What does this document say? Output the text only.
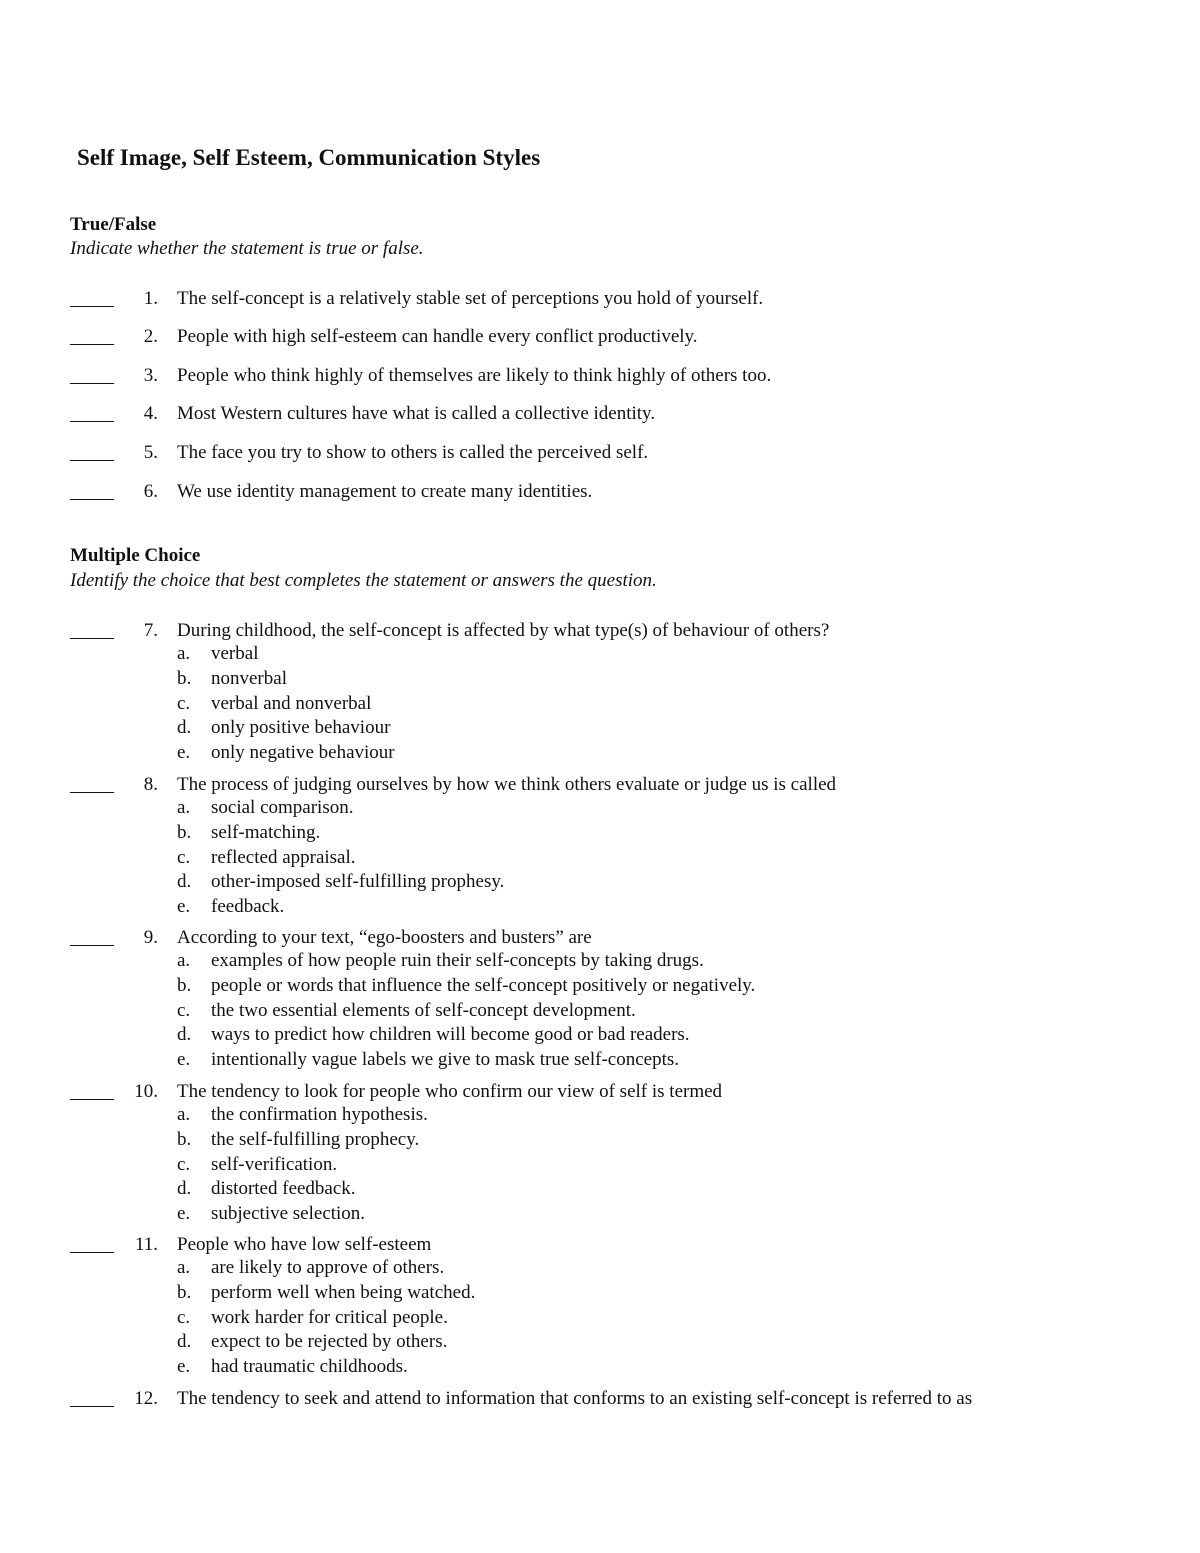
Self Image, Self Esteem, Communication Styles
True/False
Indicate whether the statement is true or false.
1. The self-concept is a relatively stable set of perceptions you hold of yourself.
2. People with high self-esteem can handle every conflict productively.
3. People who think highly of themselves are likely to think highly of others too.
4. Most Western cultures have what is called a collective identity.
5. The face you try to show to others is called the perceived self.
6. We use identity management to create many identities.
Multiple Choice
Identify the choice that best completes the statement or answers the question.
7. During childhood, the self-concept is affected by what type(s) of behaviour of others?
a. verbal
b. nonverbal
c. verbal and nonverbal
d. only positive behaviour
e. only negative behaviour
8. The process of judging ourselves by how we think others evaluate or judge us is called
a. social comparison.
b. self-matching.
c. reflected appraisal.
d. other-imposed self-fulfilling prophesy.
e. feedback.
9. According to your text, “ego-boosters and busters” are
a. examples of how people ruin their self-concepts by taking drugs.
b. people or words that influence the self-concept positively or negatively.
c. the two essential elements of self-concept development.
d. ways to predict how children will become good or bad readers.
e. intentionally vague labels we give to mask true self-concepts.
10. The tendency to look for people who confirm our view of self is termed
a. the confirmation hypothesis.
b. the self-fulfilling prophecy.
c. self-verification.
d. distorted feedback.
e. subjective selection.
11. People who have low self-esteem
a. are likely to approve of others.
b. perform well when being watched.
c. work harder for critical people.
d. expect to be rejected by others.
e. had traumatic childhoods.
12. The tendency to seek and attend to information that conforms to an existing self-concept is referred to as
